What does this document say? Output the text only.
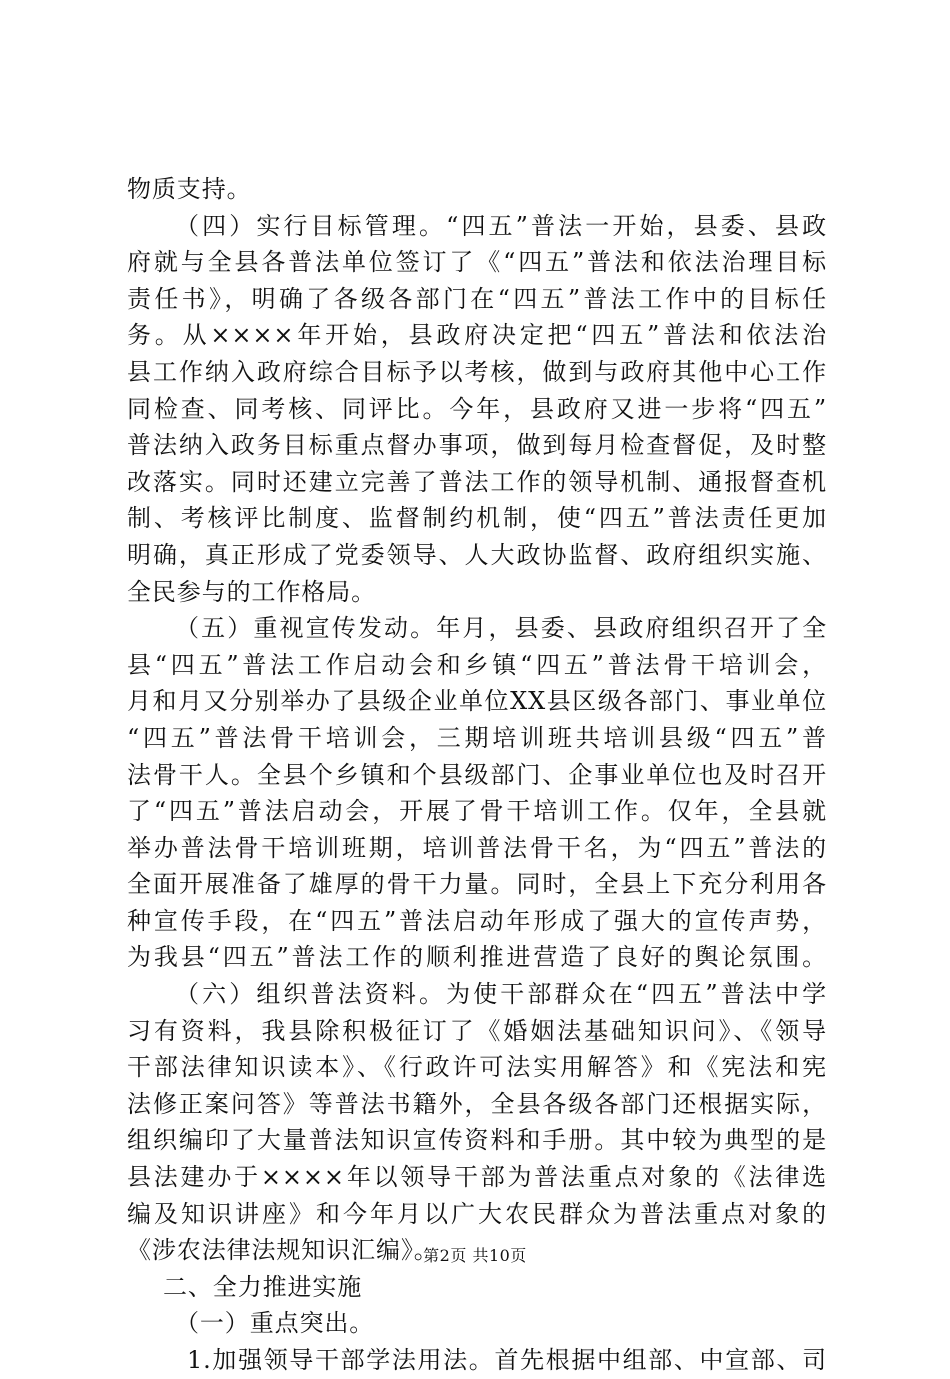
物质支持。
（四）实行目标管理。“四五”普法一开始，县委、县政
府就与全县各普法单位签订了《“四五”普法和依法治理目标
责任书》，明确了各级各部门在“四五”普法工作中的目标任
务。从××××年开始，县政府决定把“四五”普法和依法治
县工作纳入政府综合目标予以考核，做到与政府其他中心工作
同检查、同考核、同评比。今年，县政府又进一步将“四五”
普法纳入政务目标重点督办事项，做到每月检查督促，及时整
改落实。同时还建立完善了普法工作的领导机制、通报督查机
制、考核评比制度、监督制约机制，使“四五”普法责任更加
明确，真正形成了党委领导、人大政协监督、政府组织实施、
全民参与的工作格局。
（五）重视宣传发动。年月，县委、县政府组织召开了全
县“四五”普法工作启动会和乡镇“四五”普法骨干培训会，
月和月又分别举办了县级企业单位XX县区级各部门、事业单位
“四五”普法骨干培训会，三期培训班共培训县级“四五”普
法骨干人。全县个乡镇和个县级部门、企事业单位也及时召开
了“四五”普法启动会，开展了骨干培训工作。仅年，全县就
举办普法骨干培训班期，培训普法骨干名，为“四五”普法的
全面开展准备了雄厚的骨干力量。同时，全县上下充分利用各
种宣传手段，在“四五”普法启动年形成了强大的宣传声势，
为我县“四五”普法工作的顺利推进营造了良好的舆论氛围。
（六）组织普法资料。为使干部群众在“四五”普法中学
习有资料，我县除积极征订了《婚姻法基础知识问》、《领导
干部法律知识读本》、《行政许可法实用解答》和《宪法和宪
法修正案问答》等普法书籍外，全县各级各部门还根据实际，
组织编印了大量普法知识宣传资料和手册。其中较为典型的是
县法建办于××××年以领导干部为普法重点对象的《法律选
编及知识讲座》和今年月以广大农民群众为普法重点对象的
《涉农法律法规知识汇编》。
二、全力推进实施
（一）重点突出。
1.加强领导干部学法用法。首先根据中组部、中宣部、司
第2页 共10页
